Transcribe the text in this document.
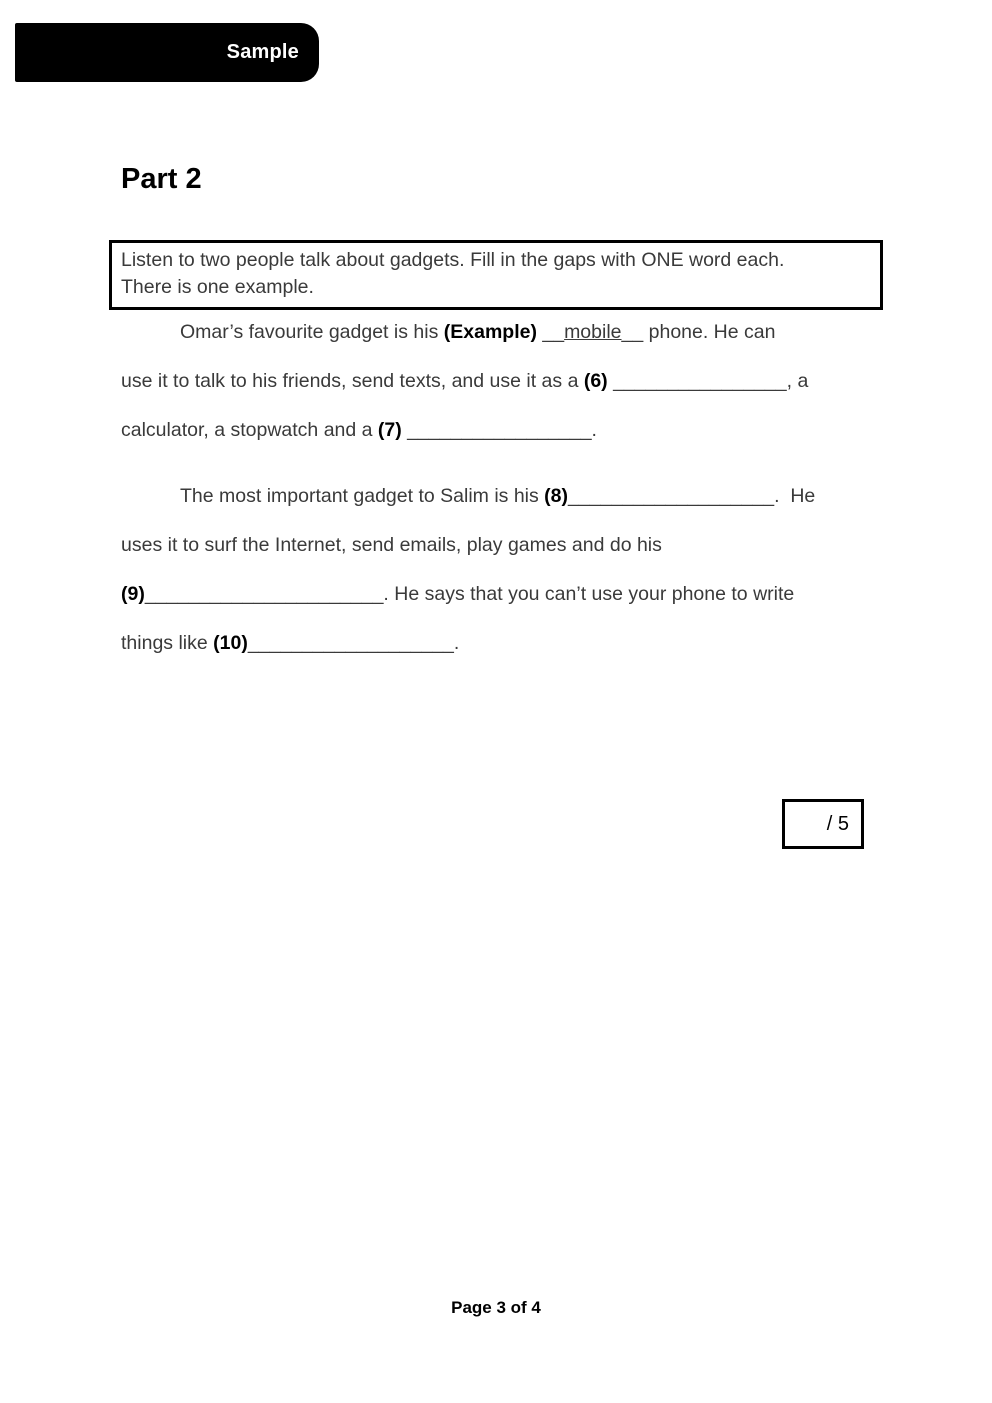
Sample
Part 2
Listen to two people talk about gadgets. Fill in the gaps with ONE word each.
There is one example.
Omar’s favourite gadget is his (Example) __mobile__ phone. He can
use it to talk to his friends, send texts, and use it as a (6) ________________, a
calculator, a stopwatch and a (7) _________________.
The most important gadget to Salim is his (8)___________________.  He
uses it to surf the Internet, send emails, play games and do his
(9)______________________. He says that you can’t use your phone to write
things like (10)___________________.
/ 5
Page 3 of 4
